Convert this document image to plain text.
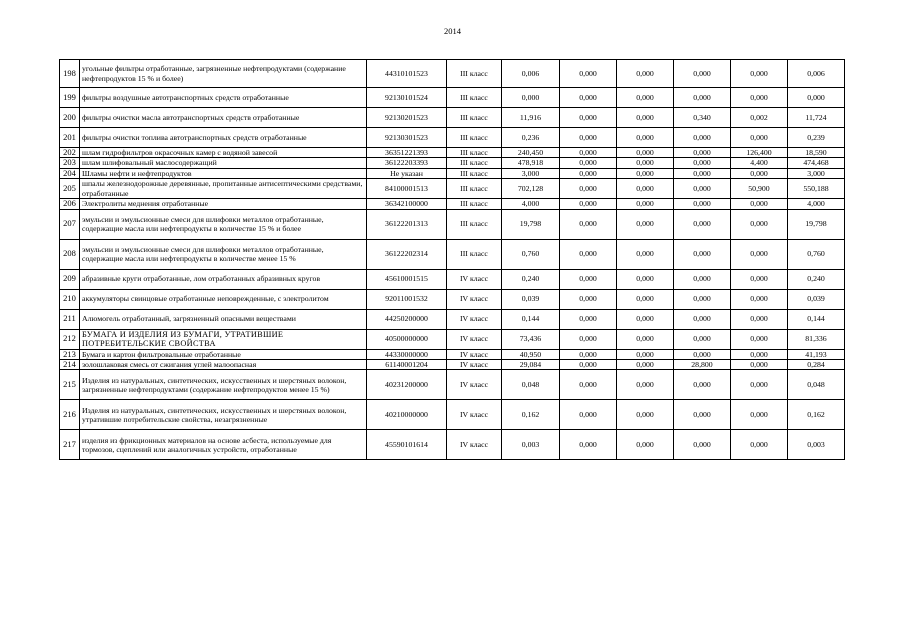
2014
198	угольные фильтры отработанные, загрязненные нефтепродуктами (содержание нефтепродуктов 15 % и более)	44310101523	III класс	0,006	0,000	0,000	0,000	0,000	0,006
199	фильтры воздушные автотранспортных средств отработанные	92130101524	III класс	0,000	0,000	0,000	0,000	0,000	0,000
200	фильтры очистки масла автотранспортных средств отработанные	92130201523	III класс	11,916	0,000	0,000	0,340	0,002	11,724
201	фильтры очистки топлива автотранспортных средств отработанные	92130301523	III класс	0,236	0,000	0,000	0,000	0,000	0,239
202	шлам гидрофильтров окрасочных камер с водяной завесой	36351221393	III класс	240,450	0,000	0,000	0,000	126,400	18,590
203	шлам шлифовальный маслосодержащий	36122203393	III класс	478,918	0,000	0,000	0,000	4,400	474,468
204	Шламы нефти и нефтепродуктов	Не указан	III класс	3,000	0,000	0,000	0,000	0,000	3,000
205	шпалы железнодорожные деревянные, пропитанные антисептическими средствами, отработанные	84100001513	III класс	702,128	0,000	0,000	0,000	50,900	550,188
206	Электролиты меднения отработанные	36342100000	III класс	4,000	0,000	0,000	0,000	0,000	4,000
207	эмульсии и эмульсионные смеси для шлифовки металлов отработанные, содержащие масла или нефтепродукты в количестве 15 % и более	36122201313	III класс	19,798	0,000	0,000	0,000	0,000	19,798
208	эмульсии и эмульсионные смеси для шлифовки металлов отработанные, содержащие масла или нефтепродукты в количестве менее 15 %	36122202314	III класс	0,760	0,000	0,000	0,000	0,000	0,760
209	абразивные круги отработанные, лом отработанных абразивных кругов	45610001515	IV класс	0,240	0,000	0,000	0,000	0,000	0,240
210	аккумуляторы свинцовые отработанные неповрежденные, с электролитом	92011001532	IV класс	0,039	0,000	0,000	0,000	0,000	0,039
211	Алюмогель отработанный, загрязненный опасными веществами	44250200000	IV класс	0,144	0,000	0,000	0,000	0,000	0,144
212	БУМАГА И ИЗДЕЛИЯ ИЗ БУМАГИ, УТРАТИВШИЕ ПОТРЕБИТЕЛЬСКИЕ СВОЙСТВА	40500000000	IV класс	73,436	0,000	0,000	0,000	0,000	81,336
213	Бумага и картон фильтровальные отработанные	44330000000	IV класс	40,950	0,000	0,000	0,000	0,000	41,193
214	золошлаковая смесь от сжигания углей малоопасная	61140001204	IV класс	29,084	0,000	0,000	28,800	0,000	0,284
215	Изделия из натуральных, синтетических, искусственных и шерстяных волокон, загрязненные нефтепродуктами (содержание нефтепродуктов менее 15 %)	40231200000	IV класс	0,048	0,000	0,000	0,000	0,000	0,048
216	Изделия из натуральных, синтетических, искусственных и шерстяных волокон, утратившие потребительские свойства, незагрязненные	40210000000	IV класс	0,162	0,000	0,000	0,000	0,000	0,162
217	изделия из фрикционных материалов на основе асбеста, используемые для тормозов, сцеплений или аналогичных устройств, отработанные	45590101614	IV класс	0,003	0,000	0,000	0,000	0,000	0,003
